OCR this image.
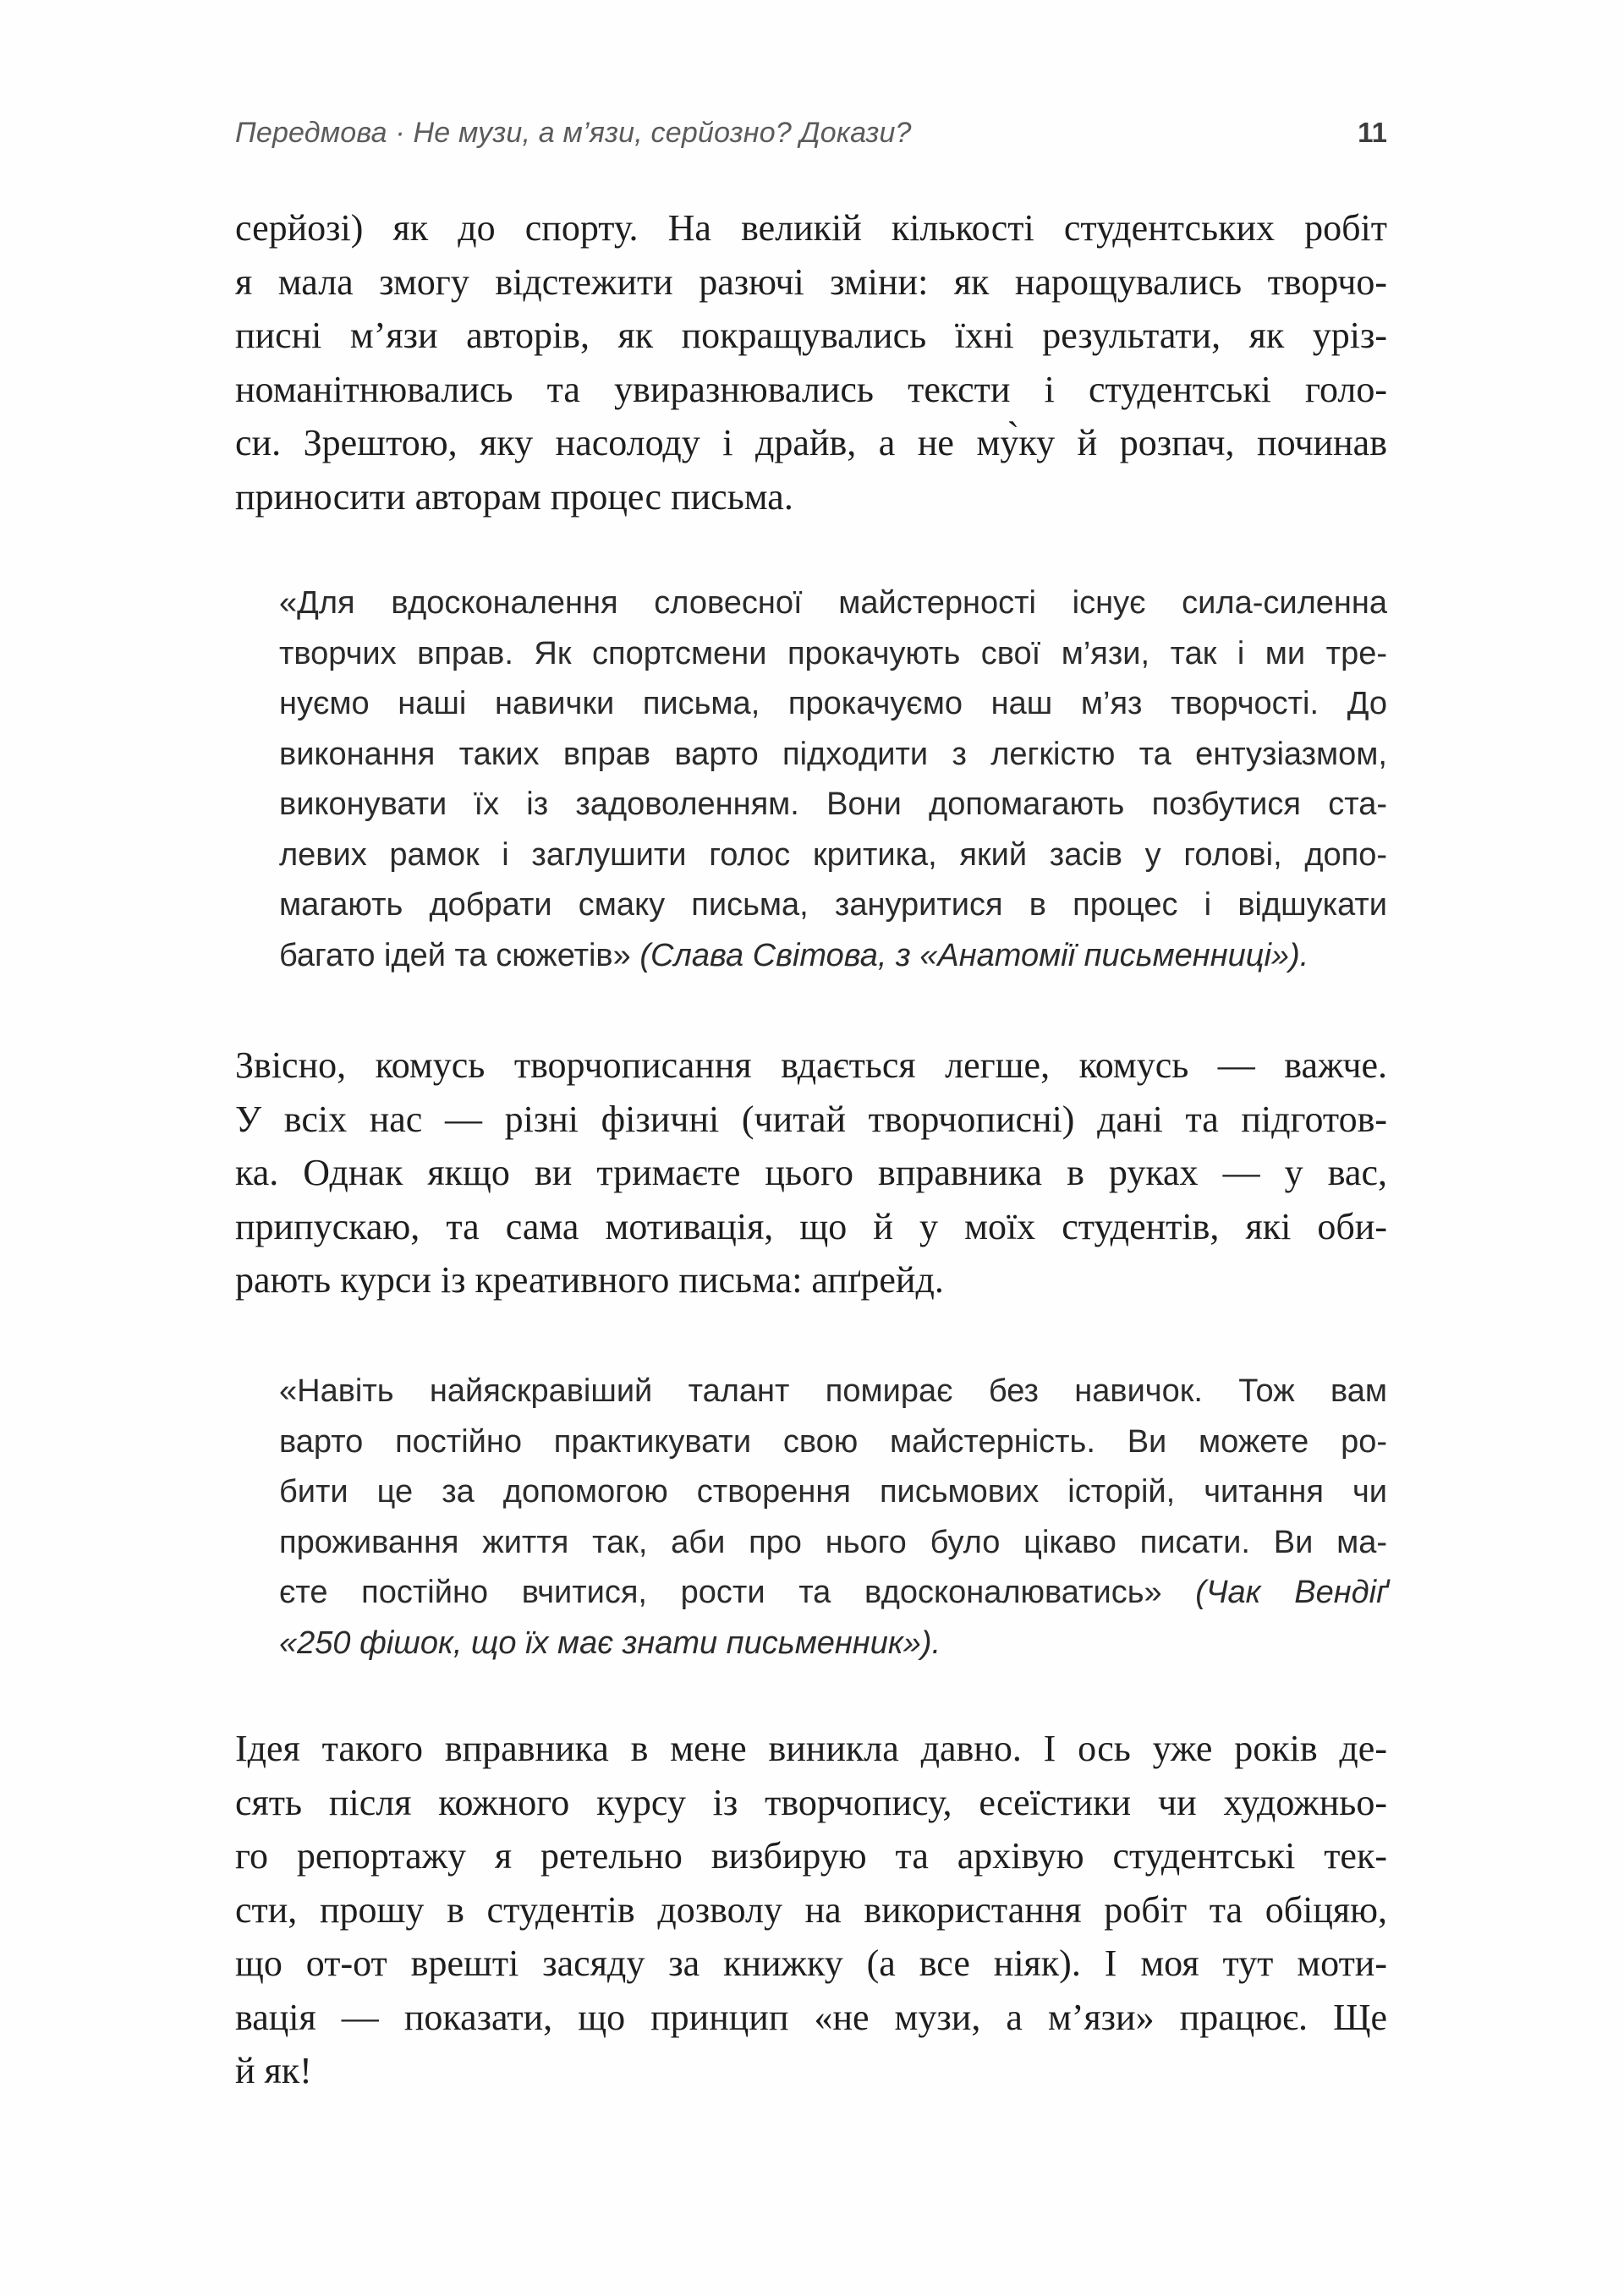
Передмова · Не музи, а м’язи, серйозно? Докази?	11
серйозі) як до спорту. На великій кількості студентських робіт
я мала змогу відстежити разючі зміни: як нарощувались творчо-
писні м’язи авторів, як покращувались їхні результати, як уріз-
номанітнювались та увиразнювались тексти і студентські голо-
си. Зрештою, яку насолоду і драйв, а не му̀ку й розпач, починав
приносити авторам процес письма.
«Для вдосконалення словесної майстерності існує сила-силенна
творчих вправ. Як спортсмени прокачують свої м’язи, так і ми тре-
нуємо наші навички письма, прокачуємо наш м’яз творчості. До
виконання таких вправ варто підходити з легкістю та ентузіазмом,
виконувати їх із задоволенням. Вони допомагають позбутися ста-
левих рамок і заглушити голос критика, який засів у голові, допо-
магають добрати смаку письма, зануритися в процес і відшукати
багато ідей та сюжетів» (Слава Світова, з «Анатомії письменниці»).
Звісно, комусь творчописання вдається легше, комусь — важче.
У всіх нас — різні фізичні (читай творчописні) дані та підготов-
ка. Однак якщо ви тримаєте цього вправника в руках — у вас,
припускаю, та сама мотивація, що й у моїх студентів, які оби-
рають курси із креативного письма: апґрейд.
«Навіть найяскравіший талант помирає без навичок. Тож вам
варто постійно практикувати свою майстерність. Ви можете ро-
бити це за допомогою створення письмових історій, читання чи
проживання життя так, аби про нього було цікаво писати. Ви ма-
єте постійно вчитися, рости та вдосконалюватись» (Чак Вендіґ
«250 фішок, що їх має знати письменник»).
Ідея такого вправника в мене виникла давно. І ось уже років де-
сять після кожного курсу із творчопису, есеїстики чи художньо-
го репортажу я ретельно визбирую та архівую студентські тек-
сти, прошу в студентів дозволу на використання робіт та обіцяю,
що от-от врешті засяду за книжку (а все ніяк). І моя тут моти-
вація — показати, що принцип «не музи, а м’язи» працює. Ще
й як!
